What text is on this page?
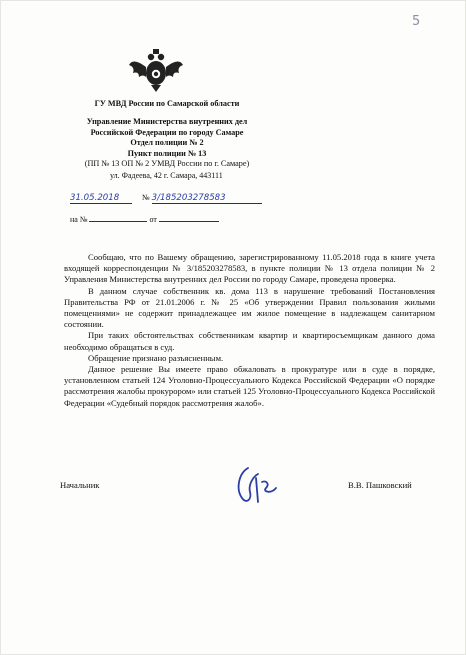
5
ГУ МВД России по Самарской области
Управление Министерства внутренних дел
Российской Федерации по городу Самаре
Отдел полиции № 2
Пункт полиции № 13
(ПП № 13 ОП № 2 УМВД России по г. Самаре)
ул. Фадеева, 42 г. Самара, 443111
31.05.2018	№ 3/185203278583
на №	от

Сообщаю, что по Вашему обращению, зарегистрированному 11.05.2018 года в книге учета входящей корреспонденции № 3/185203278583, в пункте полиции № 13 отдела полиции № 2 Управления Министерства внутренних дел России по городу Самаре, проведена проверка.

В данном случае собственник кв. дома 113 в нарушение требований Постановления Правительства РФ от 21.01.2006 г. № 25 «Об утверждении Правил пользования жилыми помещениями» не содержит принадлежащее им жилое помещение в надлежащем санитарном состоянии.

При таких обстоятельствах собственникам квартир и квартиросъемщикам данного дома необходимо обращаться в суд.

Обращение признано разъясненным.

Данное решение Вы имеете право обжаловать в прокуратуре или в суде в порядке, установленном статьей 124 Уголовно-Процессуального Кодекса Российской Федерации «О порядке рассмотрения жалобы прокурором» или статьей 125 Уголовно-Процессуального Кодекса Российской Федерации «Судебный порядок рассмотрения жалоб».

Начальник	В.В. Пашковский
